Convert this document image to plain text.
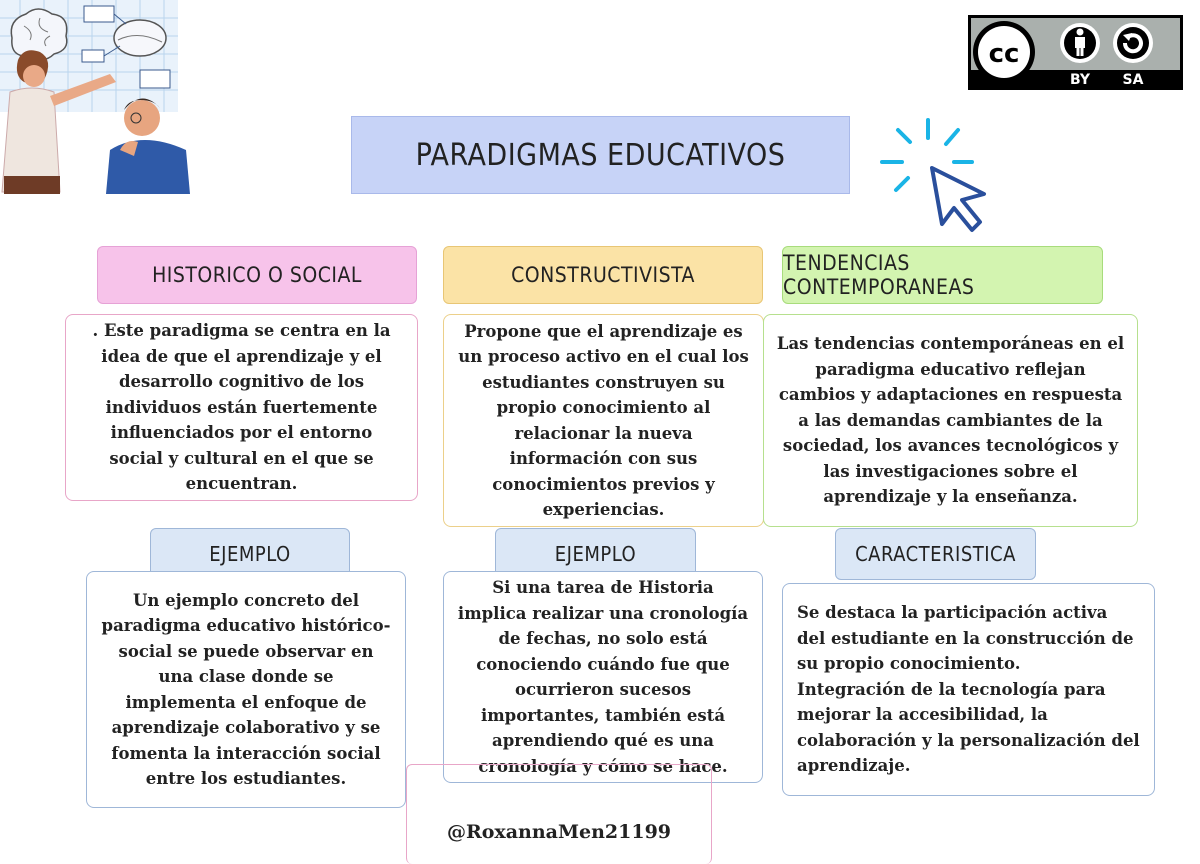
cc
BY SA
PARADIGMAS EDUCATIVOS
HISTORICO O SOCIAL
. Este paradigma se centra en la idea de que el aprendizaje y el desarrollo cognitivo de los individuos están fuertemente influenciados por el entorno social y cultural en el que se encuentran.
EJEMPLO
Un ejemplo concreto del paradigma educativo histórico-social se puede observar en una clase donde se implementa el enfoque de aprendizaje colaborativo y se fomenta la interacción social entre los estudiantes.
CONSTRUCTIVISTA
Propone que el aprendizaje es un proceso activo en el cual los estudiantes construyen su propio conocimiento al relacionar la nueva información con sus conocimientos previos y experiencias.
EJEMPLO
Si una tarea de Historia implica realizar una cronología de fechas, no solo está conociendo cuándo fue que ocurrieron sucesos importantes, también está aprendiendo qué es una cronología y cómo se hace.
TENDENCIAS CONTEMPORANEAS
Las tendencias contemporáneas en el paradigma educativo reflejan cambios y adaptaciones en respuesta a las demandas cambiantes de la sociedad, los avances tecnológicos y las investigaciones sobre el aprendizaje y la enseñanza.
CARACTERISTICA
Se destaca la participación activa del estudiante en la construcción de su propio conocimiento.
Integración de la tecnología para mejorar la accesibilidad, la colaboración y la personalización del aprendizaje.
@RoxannaMen21199
